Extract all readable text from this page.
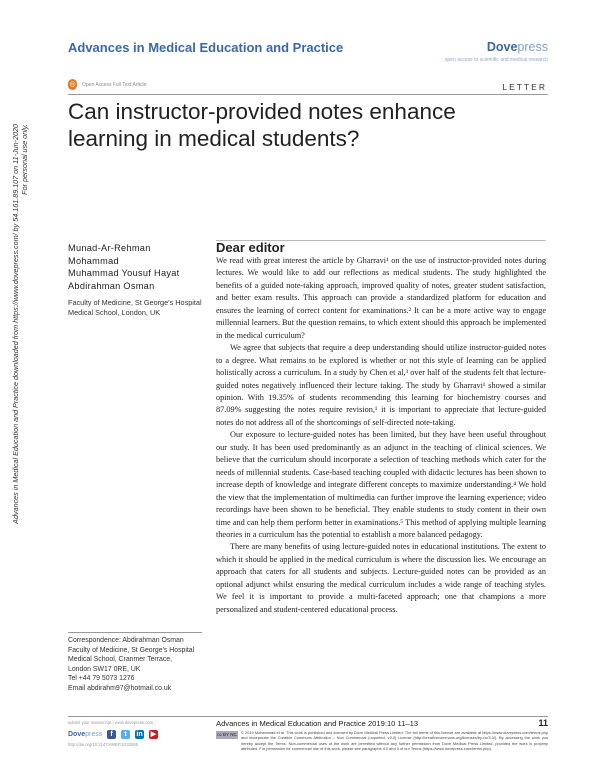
Advances in Medical Education and Practice	Dovepress
open access to scientific and medical research
◎ Open Access Full Text Article	LETTER
Can instructor-provided notes enhance learning in medical students?
Advances in Medical Education and Practice downloaded from https://www.dovepress.com/ by 54.161.89.107 on 11-Jun-2020
For personal use only.
Munad-Ar-Rehman
Mohammad
Muhammad Yousuf Hayat
Abdirahman Osman
Faculty of Medicine, St George's Hospital Medical School, London, UK
Correspondence: Abdirahman Osman
Faculty of Medicine, St George's Hospital
Medical School, Cranmer Terrace,
London SW17 0RE, UK
Tel +44 79 5073 1276
Email abdirahm97@hotmail.co.uk
Dear editor

We read with great interest the article by Gharravi¹ on the use of instructor-provided notes during lectures. We would like to add our reflections as medical students. The study highlighted the benefits of a guided note-taking approach, improved quality of notes, greater student satisfaction, and better exam results. This approach can provide a standardized platform for education and ensures the learning of correct content for examinations.² It can be a more active way to engage millennial learners. But the question remains, to which extent should this approach be implemented in the medical curriculum?

We agree that subjects that require a deep understanding should utilize instructor-guided notes to a degree. What remains to be explored is whether or not this style of learning can be applied holistically across a curriculum. In a study by Chen et al,³ over half of the students felt that lecture-guided notes negatively influenced their lecture taking. The study by Gharravi¹ showed a similar opinion. With 19.35% of students recommending this learning for biochemistry courses and 87.09% suggesting the notes require revision,¹ it is important to appreciate that lecture-guided notes do not address all of the shortcomings of self-directed note-taking.

Our exposure to lecture-guided notes has been limited, but they have been useful throughout our study. It has been used predominantly as an adjunct in the teaching of clinical sciences. We believe that the curriculum should incorporate a selection of teaching methods which cater for the needs of millennial students. Case-based teaching coupled with didactic lectures has been shown to increase depth of knowledge and integrate different concepts to maximize understanding.⁴ We hold the view that the implementation of multimedia can further improve the learning experience; video recordings have been shown to be beneficial. They enable students to study content in their own time and can help them perform better in examinations.⁵ This method of applying multiple learning theories in a curriculum has the potential to establish a more balanced pedagogy.

There are many benefits of using lecture-guided notes in educational institutions. The extent to which it should be applied in the medical curriculum is where the discussion lies. We encourage an approach that caters for all students and subjects. Lecture-guided notes can be provided as an optional adjunct whilst ensuring the medical curriculum includes a wide range of teaching styles. We feel it is important to provide a multi-faceted approach; one that champions a more personalized and student-centered educational process.

submit your manuscript | www.dovepress.com
Dovepress	f	t	in ▶
http://doi.org/10.2147/AMEP.S233065
Advances in Medical Education and Practice 2019:10 11–13	11
cc BY NC	© 2019 Mohammad et al. This work is published and licensed by Dove Medical Press Limited. The full terms of this license are available at https://www.dovepress.com/terms.php and incorporate the Creative Commons Attribution – Non Commercial (unported, v3.0) License (http://creativecommons.org/licenses/by-nc/3.0/). By accessing the work you hereby accept the Terms. Non-commercial uses of the work are permitted without any further permission from Dove Medical Press Limited, provided the work is properly attributed. For permission for commercial use of this work, please see paragraphs 4.2 and 5 of our Terms (https://www.dovepress.com/terms.php).
